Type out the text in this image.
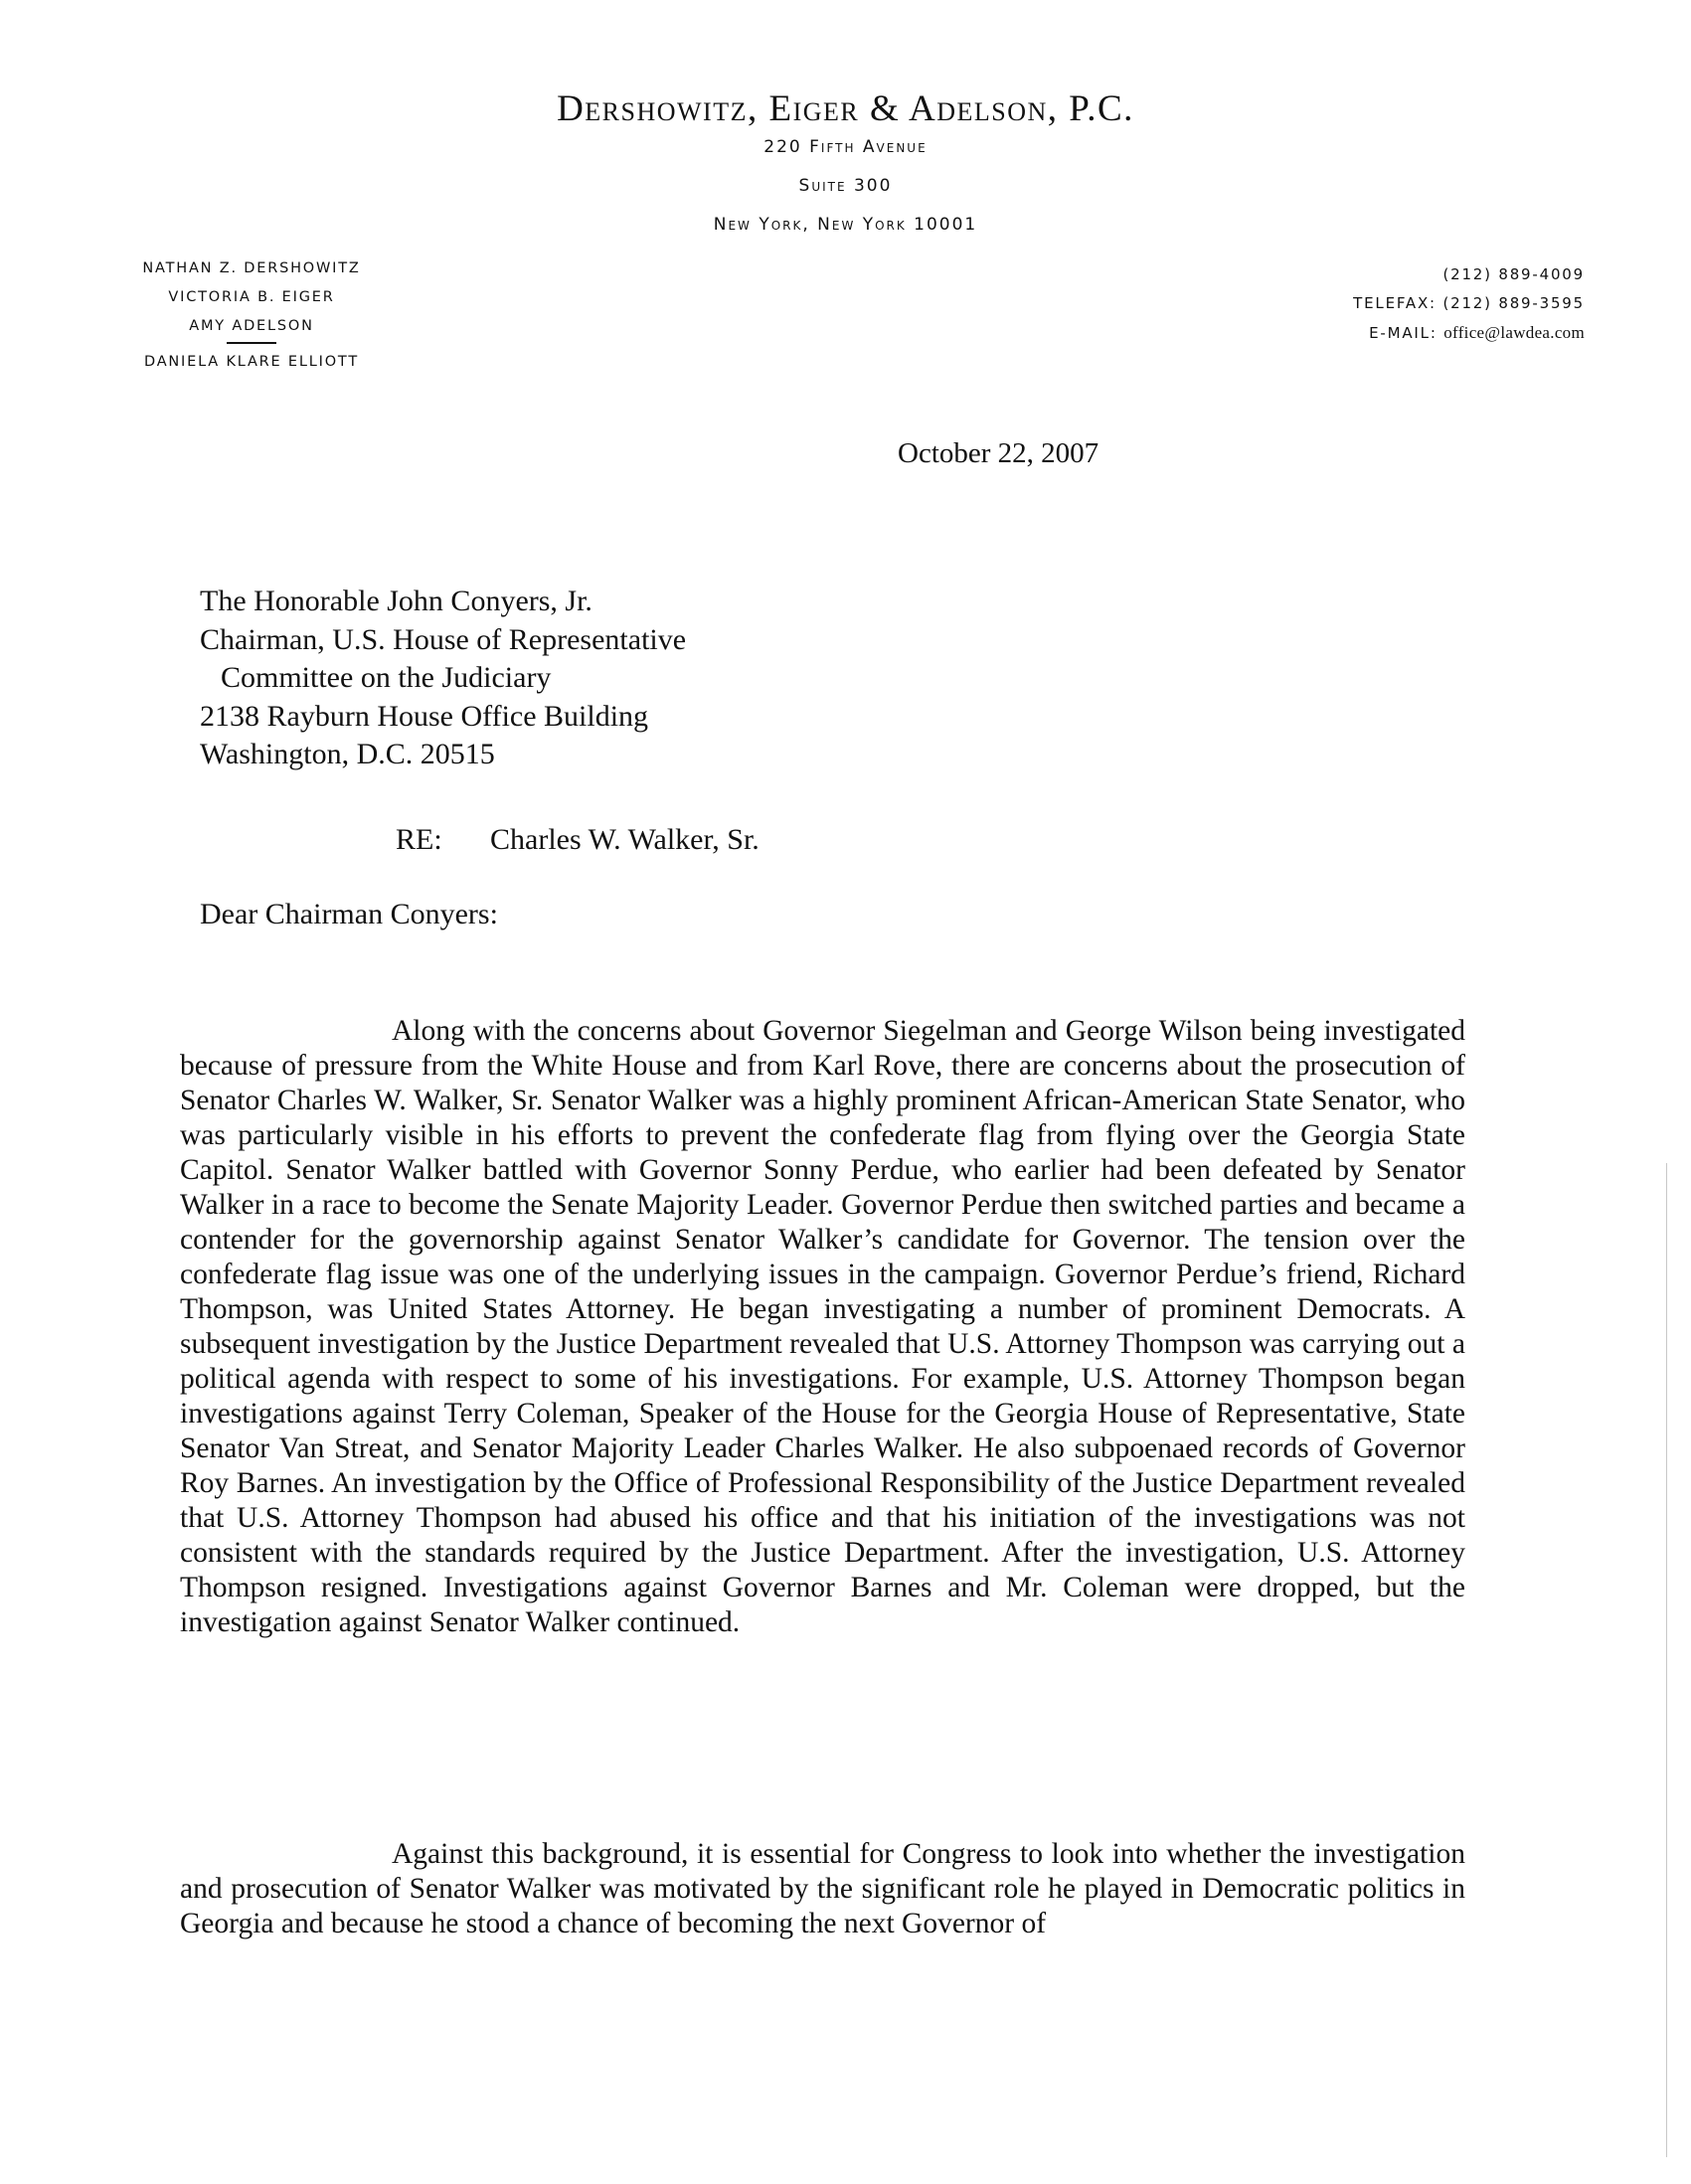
Dershowitz, Eiger & Adelson, P.C.
220 Fifth Avenue
Suite 300
New York, New York 10001
NATHAN Z. DERSHOWITZ
VICTORIA B. EIGER
AMY ADELSON
DANIELA KLARE ELLIOTT
(212) 889-4009
TELEFAX: (212) 889-3595
E-MAIL: office@lawdea.com
October 22, 2007
The Honorable John Conyers, Jr.
Chairman, U.S. House of Representative
Committee on the Judiciary
2138 Rayburn House Office Building
Washington, D.C. 20515
RE: Charles W. Walker, Sr.
Dear Chairman Conyers:

Along with the concerns about Governor Siegelman and George Wilson being investigated because of pressure from the White House and from Karl Rove, there are concerns about the prosecution of Senator Charles W. Walker, Sr. Senator Walker was a highly prominent African-American State Senator, who was particularly visible in his efforts to prevent the confederate flag from flying over the Georgia State Capitol. Senator Walker battled with Governor Sonny Perdue, who earlier had been defeated by Senator Walker in a race to become the Senate Majority Leader. Governor Perdue then switched parties and became a contender for the governorship against Senator Walker’s candidate for Governor. The tension over the confederate flag issue was one of the underlying issues in the campaign. Governor Perdue’s friend, Richard Thompson, was United States Attorney. He began investigating a number of prominent Democrats. A subsequent investigation by the Justice Department revealed that U.S. Attorney Thompson was carrying out a political agenda with respect to some of his investigations. For example, U.S. Attorney Thompson began investigations against Terry Coleman, Speaker of the House for the Georgia House of Representative, State Senator Van Streat, and Senator Majority Leader Charles Walker. He also subpoenaed records of Governor Roy Barnes. An investigation by the Office of Professional Responsibility of the Justice Department revealed that U.S. Attorney Thompson had abused his office and that his initiation of the investigations was not consistent with the standards required by the Justice Department. After the investigation, U.S. Attorney Thompson resigned. Investigations against Governor Barnes and Mr. Coleman were dropped, but the investigation against Senator Walker continued.

Against this background, it is essential for Congress to look into whether the investigation and prosecution of Senator Walker was motivated by the significant role he played in Democratic politics in Georgia and because he stood a chance of becoming the next Governor of
